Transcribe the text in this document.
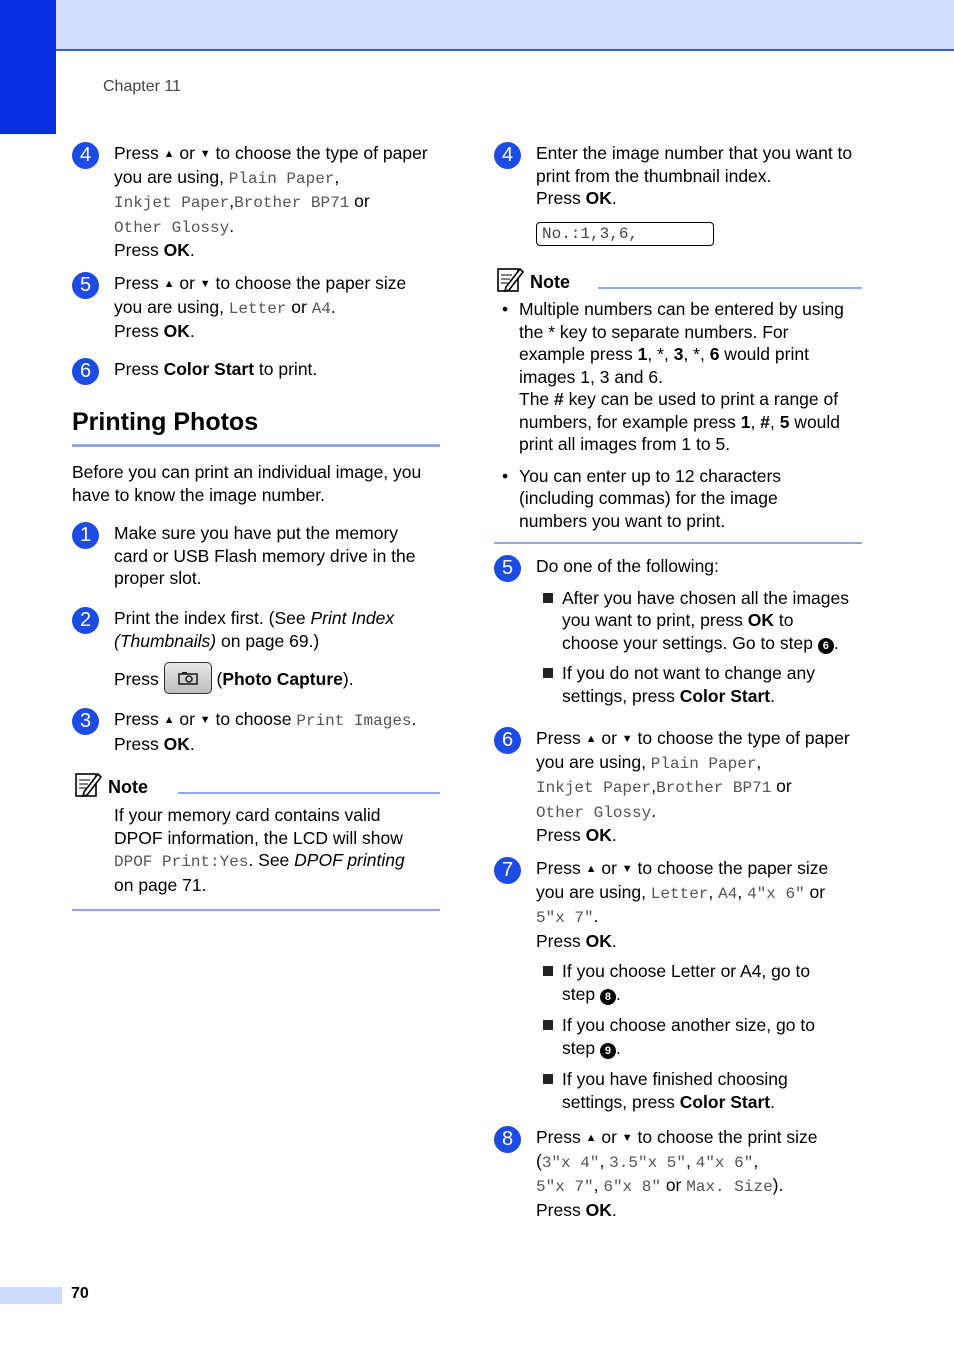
Chapter 11
4	Press ▲ or ▼ to choose the type of paper
you are using, Plain Paper,
Inkjet Paper,Brother BP71 or
Other Glossy.
Press OK.
5	Press ▲ or ▼ to choose the paper size
you are using, Letter or A4.
Press OK.
6	Press Color Start to print.
Printing Photos
Before you can print an individual image, you
have to know the image number.
1	Make sure you have put the memory
card or USB Flash memory drive in the
proper slot.
2	Print the index first. (See Print Index
(Thumbnails) on page 69.)
Press	(Photo Capture).
3	Press ▲ or ▼ to choose Print Images.
Press OK.
Note
If your memory card contains valid
DPOF information, the LCD will show
DPOF Print:Yes. See DPOF printing
on page 71.
4	Enter the image number that you want to
print from the thumbnail index.
Press OK.
No.:1,3,6,
Note
• Multiple numbers can be entered by using
the * key to separate numbers. For
example press 1, *, 3, *, 6 would print
images 1, 3 and 6.
The # key can be used to print a range of
numbers, for example press 1, #, 5 would
print all images from 1 to 5.
• You can enter up to 12 characters
(including commas) for the image
numbers you want to print.
5	Do one of the following:
After you have chosen all the images
you want to print, press OK to
choose your settings. Go to step 6 .
If you do not want to change any
settings, press Color Start.
6	Press ▲ or ▼ to choose the type of paper
you are using, Plain Paper,
Inkjet Paper,Brother BP71 or
Other Glossy.
Press OK.
7	Press ▲ or ▼ to choose the paper size
you are using, Letter, A4, 4"x 6" or
5"x 7".
Press OK.
If you choose Letter or A4, go to
step 8 .
If you choose another size, go to
step 9 .
If you have finished choosing
settings, press Color Start.
8	Press ▲ or ▼ to choose the print size
(3"x 4", 3.5"x 5", 4"x 6",
5"x 7", 6"x 8" or Max. Size).
Press OK.
70
